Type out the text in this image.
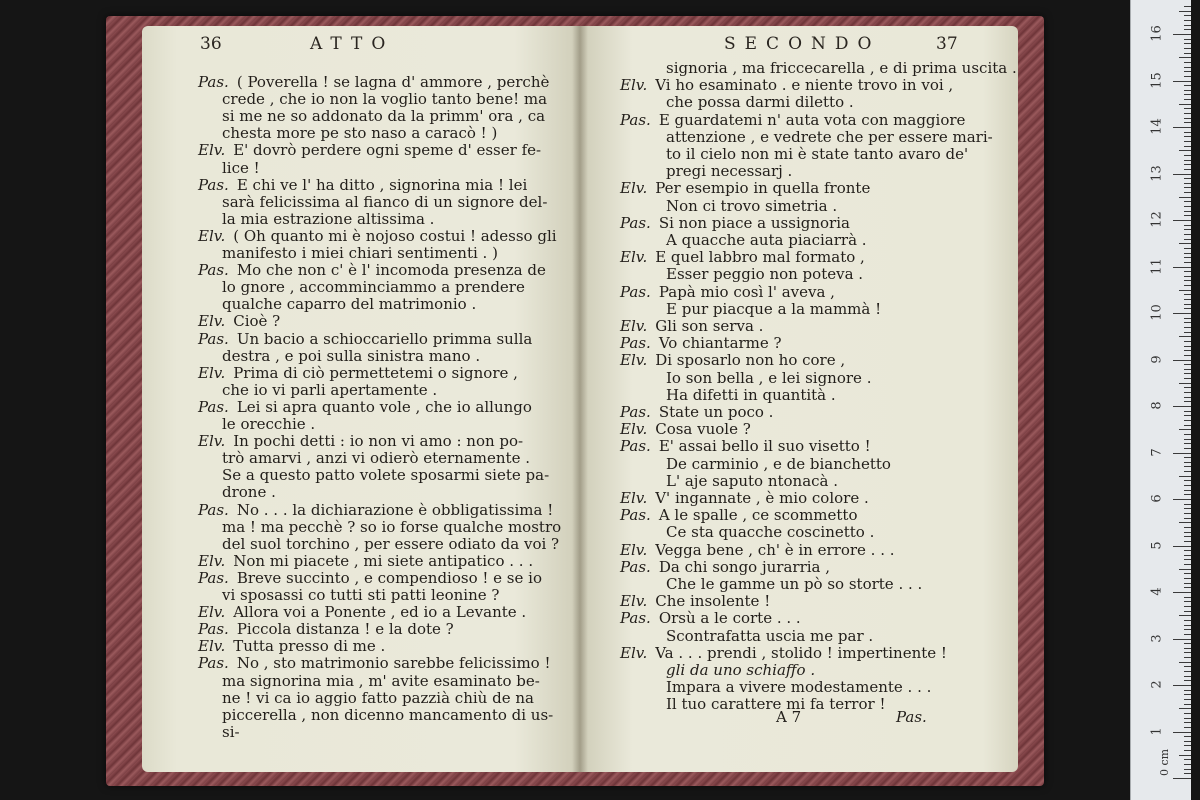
36	ATTO
Pas. ( Poverella ! se lagna d' ammore , perchè
crede , che io non la voglio tanto bene! ma
si me ne so addonato da la primm' ora , ca
chesta more pe sto naso a caracò ! )
Elv. E' dovrò perdere ogni speme d' esser fe-
lice !
Pas. E chi ve l' ha ditto , signorina mia ! lei
sarà felicissima al fianco di un signore del-
la mia estrazione altissima .
Elv. ( Oh quanto mi è nojoso costui ! adesso gli
manifesto i miei chiari sentimenti . )
Pas. Mo che non c' è l' incomoda presenza de
lo gnore , accomminciammo a prendere
qualche caparro del matrimonio .
Elv. Cioè ?
Pas. Un bacio a schioccariello primma sulla
destra , e poi sulla sinistra mano .
Elv. Prima di ciò permettetemi o signore ,
che io vi parli apertamente .
Pas. Lei si apra quanto vole , che io allungo
le orecchie .
Elv. In pochi detti : io non vi amo : non po-
trò amarvi , anzi vi odierò eternamente .
Se a questo patto volete sposarmi siete pa-
drone .
Pas. No . . . la dichiarazione è obbligatissima !
ma ! ma pecchè ? so io forse qualche mostro
del suol torchino , per essere odiato da voi ?
Elv. Non mi piacete , mi siete antipatico . . .
Pas. Breve succinto , e compendioso ! e se io
vi sposassi co tutti sti patti leonine ?
Elv. Allora voi a Ponente , ed io a Levante .
Pas. Piccola distanza ! e la dote ?
Elv. Tutta presso di me .
Pas. No , sto matrimonio sarebbe felicissimo !
ma signorina mia , m' avite esaminato be-
ne ! vi ca io aggio fatto pazzià chiù de na
piccerella , non dicenno mancamento di us-
si-
SECONDO	37
signoria , ma friccecarella , e di prima uscita .
Elv. Vi ho esaminato . e niente trovo in voi ,
che possa darmi diletto .
Pas. E guardatemi n' auta vota con maggiore
attenzione , e vedrete che per essere mari-
to il cielo non mi è state tanto avaro de'
pregi necessarj .
Elv. Per esempio in quella fronte
Non ci trovo simetria .
Pas. Si non piace a ussignoria
A quacche auta piaciarrà .
Elv. E quel labbro mal formato ,
Esser peggio non poteva .
Pas. Papà mio così l' aveva ,
E pur piacque a la mammà !
Elv. Gli son serva .
Pas. Vo chiantarme ?
Elv. Di sposarlo non ho core ,
Io son bella , e lei signore .
Ha difetti in quantità .
Pas. State un poco .
Elv. Cosa vuole ?
Pas. E' assai bello il suo visetto !
De carminio , e de bianchetto
L' aje saputo ntonacà .
Elv. V' ingannate , è mio colore .
Pas. A le spalle , ce scommetto
Ce sta quacche coscinetto .
Elv. Vegga bene , ch' è in errore . . .
Pas. Da chi songo jurarria ,
Che le gamme un pò so storte . . .
Elv. Che insolente !
Pas. Orsù a le corte . . .
Scontrafatta uscia me par .
Elv. Va . . . prendi , stolido ! impertinente !
gli da uno schiaffo .
Impara a vivere modestamente . . .
Il tuo carattere mi fa terror !
A 7	Pas.
0 cm
1
2
3
4
5
6
7
8
9
10
11
12
13
14
15
16
